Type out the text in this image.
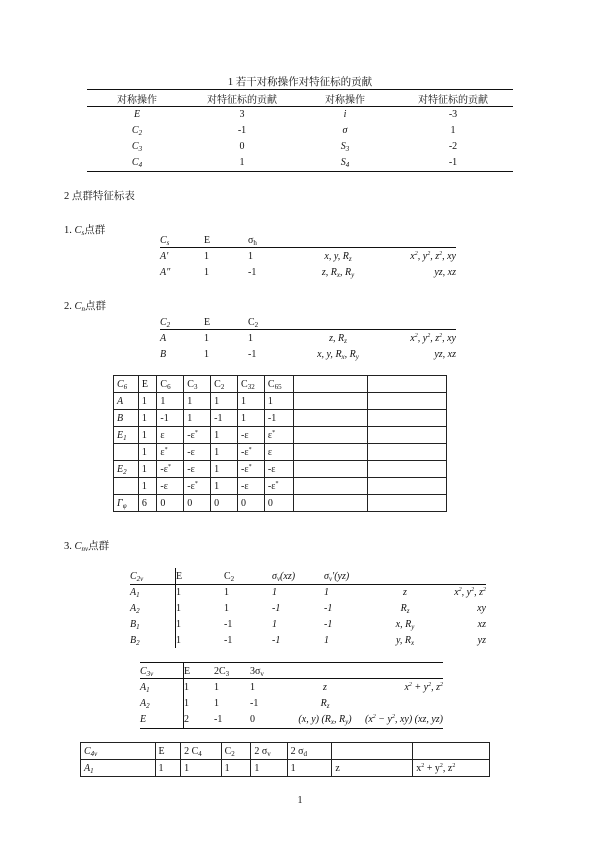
1 若干对称操作对特征标的贡献
对称操作	对特征标的贡献	对称操作	对特征标的贡献
E	3	i	-3
$C_2$	-1	σ	1
$C_3$	0	$S_3$	-2
$C_4$	1	$S_4$	-1
2 点群特征标表
1. $C_s$点群
$C_s$	E	$\sigma_h$		
A'	1	1	x, y, $R_z$	$x^2$, $y^2$, $z^2$, xy
A"	1	-1	z, $R_x$, $R_y$	yz, xz
2. $C_n$点群
$C_2$	E	$C_2$		
A	1	1	z, $R_z$	$x^2$, $y^2$, $z^2$, xy
B	1	-1	x, y, $R_x$, $R_y$	yz, xz
$C_6$	E	$C_6$	$C_3$	$C_2$	$C_{32}$	$C_{65}$		
A	1	1	1	1	1	1		
B	1	-1	1	-1	1	-1		
$E_1$	1	ε	-ε*	1	-ε	ε*		
	1	ε*	-ε	1	-ε*	ε		
$E_2$	1	-ε*	-ε	1	-ε*	-ε		
	1	-ε	-ε*	1	-ε	-ε*		
$\Gamma_\varphi$	6	0	0	0	0	0		
3. $C_{nv}$点群
$C_{2v}$	E	$C_2$	$\sigma_v(xz)$	$\sigma_v'(yz)$		
$A_1$	1	1	1	1	z	$x^2$, $y^2$, $z^2$
$A_2$	1	1	-1	-1	$R_z$	xy
$B_1$	1	-1	1	-1	x, $R_y$	xz
$B_2$	1	-1	-1	1	y, $R_x$	yz
$C_{3v}$	E	$2C_3$	$3\sigma_v$		
$A_1$	1	1	1	z	$x^2 + y^2$, $z^2$
$A_2$	1	1	-1	$R_z$	
E	2	-1	0	(x, y) ($R_x$, $R_y$)	($x^2 - y^2$, xy) (xz, yz)
$C_{4v}$	E	2 $C_4$	$C_2$	2 $\sigma_v$	2 $\sigma_d$		
$A_1$	1	1	1	1	1	z	$x^2 + y^2$, $z^2$
1
